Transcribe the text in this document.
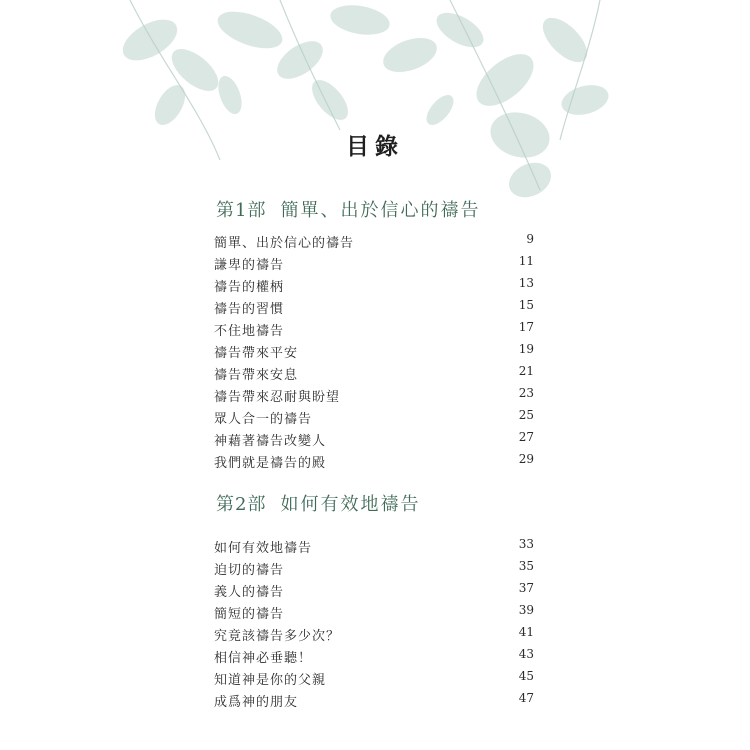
目錄
第1部 簡單、出於信心的禱告
簡單、出於信心的禱告	9
謙卑的禱告	11
禱告的權柄	13
禱告的習慣	15
不住地禱告	17
禱告帶來平安	19
禱告帶來安息	21
禱告帶來忍耐與盼望	23
眾人合一的禱告	25
神藉著禱告改變人	27
我們就是禱告的殿	29
第2部 如何有效地禱告
如何有效地禱告	33
迫切的禱告	35
義人的禱告	37
簡短的禱告	39
究竟該禱告多少次？	41
相信神必垂聽！	43
知道神是你的父親	45
成爲神的朋友	47
